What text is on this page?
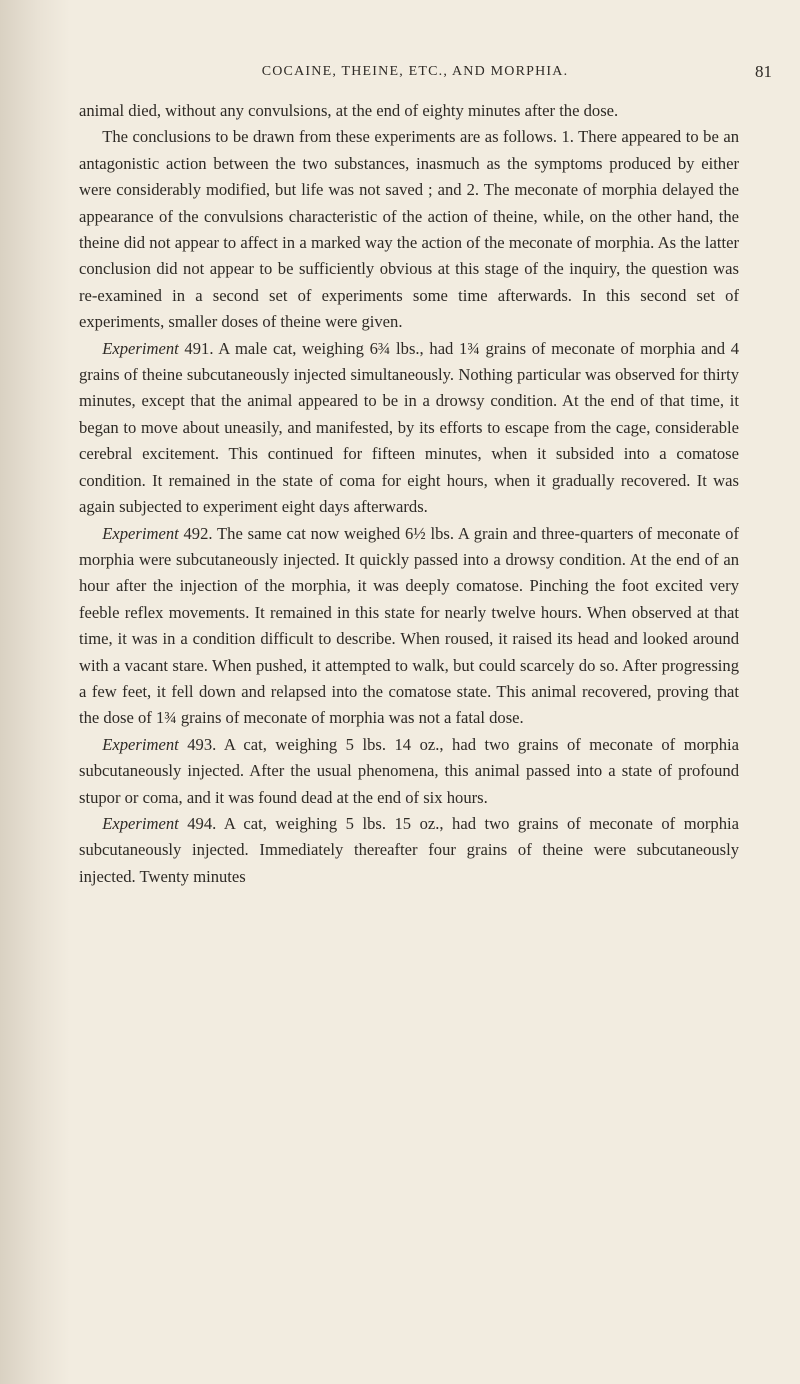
COCAINE, THEINE, ETC., AND MORPHIA.	81

animal died, without any convulsions, at the end of eighty minutes after the dose.

The conclusions to be drawn from these experiments are as follows. 1. There appeared to be an antagonistic action between the two substances, inasmuch as the symptoms produced by either were considerably modified, but life was not saved ; and 2. The meconate of morphia delayed the appearance of the convulsions characteristic of the action of theine, while, on the other hand, the theine did not appear to affect in a marked way the action of the meconate of morphia. As the latter conclusion did not appear to be sufficiently obvious at this stage of the inquiry, the question was re-examined in a second set of experiments some time afterwards. In this second set of experiments, smaller doses of theine were given.

Experiment 491. A male cat, weighing 6¾ lbs., had 1¾ grains of meconate of morphia and 4 grains of theine subcutaneously injected simultaneously. Nothing particular was observed for thirty minutes, except that the animal appeared to be in a drowsy condition. At the end of that time, it began to move about uneasily, and manifested, by its efforts to escape from the cage, considerable cerebral excitement. This continued for fifteen minutes, when it subsided into a comatose condition. It remained in the state of coma for eight hours, when it gradually recovered. It was again subjected to experiment eight days afterwards.

Experiment 492. The same cat now weighed 6½ lbs. A grain and three-quarters of meconate of morphia were subcutaneously injected. It quickly passed into a drowsy condition. At the end of an hour after the injection of the morphia, it was deeply comatose. Pinching the foot excited very feeble reflex movements. It remained in this state for nearly twelve hours. When observed at that time, it was in a condition difficult to describe. When roused, it raised its head and looked around with a vacant stare. When pushed, it attempted to walk, but could scarcely do so. After progressing a few feet, it fell down and relapsed into the comatose state. This animal recovered, proving that the dose of 1¾ grains of meconate of morphia was not a fatal dose.

Experiment 493. A cat, weighing 5 lbs. 14 oz., had two grains of meconate of morphia subcutaneously injected. After the usual phenomena, this animal passed into a state of profound stupor or coma, and it was found dead at the end of six hours.

Experiment 494. A cat, weighing 5 lbs. 15 oz., had two grains of meconate of morphia subcutaneously injected. Immediately thereafter four grains of theine were subcutaneously injected. Twenty minutes
